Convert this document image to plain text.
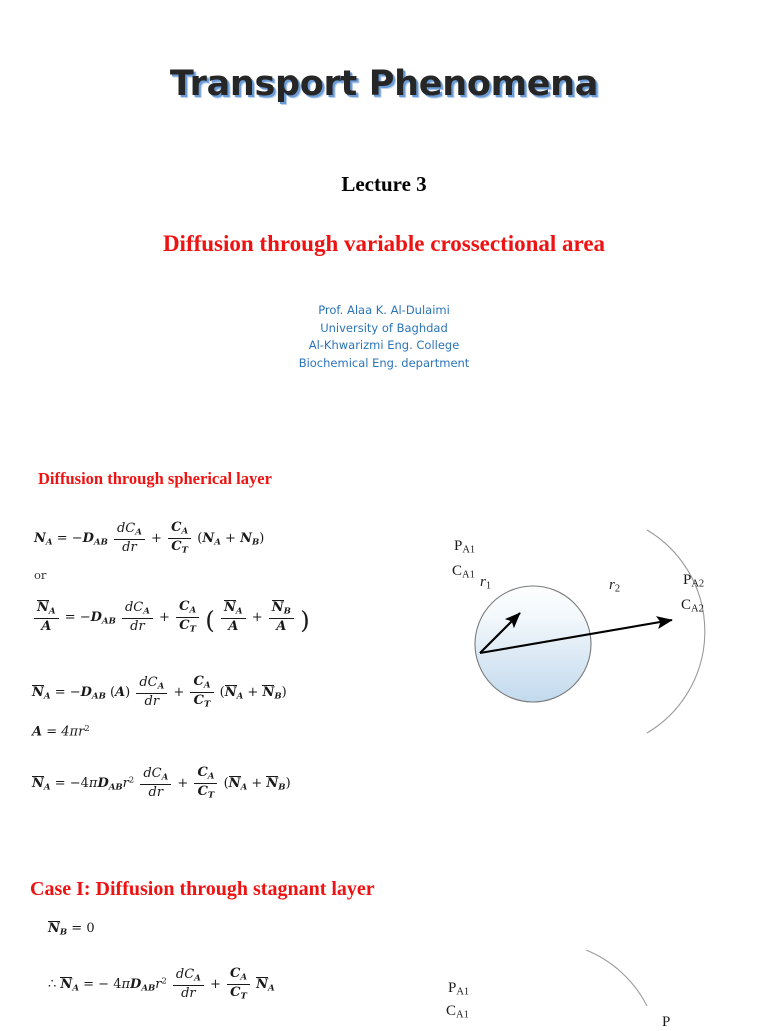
Transport Phenomena
Lecture 3
Diffusion through variable crossectional area
Prof. Alaa K. Al-Dulaimi
University of Baghdad
Al-Khwarizmi Eng. College
Biochemical Eng. department
Diffusion through spherical layer
$N_A = -D_{AB} \frac{dC_A}{dr} + \frac{C_A}{C_T} (N_A + N_B)$
or
$\frac{N_A}{A} = -D_{AB} \frac{dC_A}{dr} + \frac{C_A}{C_T}$ ( $\frac{N_A}{A} + \frac{N_B}{A}$ )
$N_A = -D_{AB}$ $(A) \frac{dC_A}{dr} + \frac{C_A}{C_T} (N_A + N_B)$
$A = 4\pi r^2$
$N_A = -4\pi D_{AB}r^2 \frac{dC_A}{dr} + \frac{C_A}{C_T} (N_A + N_B)$
$P_{A1}$
$C_{A1}$ $r_1$	$r_2$
$P_{A2}$
$C_{A2}$
Case I: Diffusion through stagnant layer
$N_B = 0$
∴ $N_A$ = − $4\pi D_{AB}r^2 \frac{dC_A}{dr} + \frac{C_A}{C_T} N_A$	$P_{A1}$
$C_{A1}$	P
